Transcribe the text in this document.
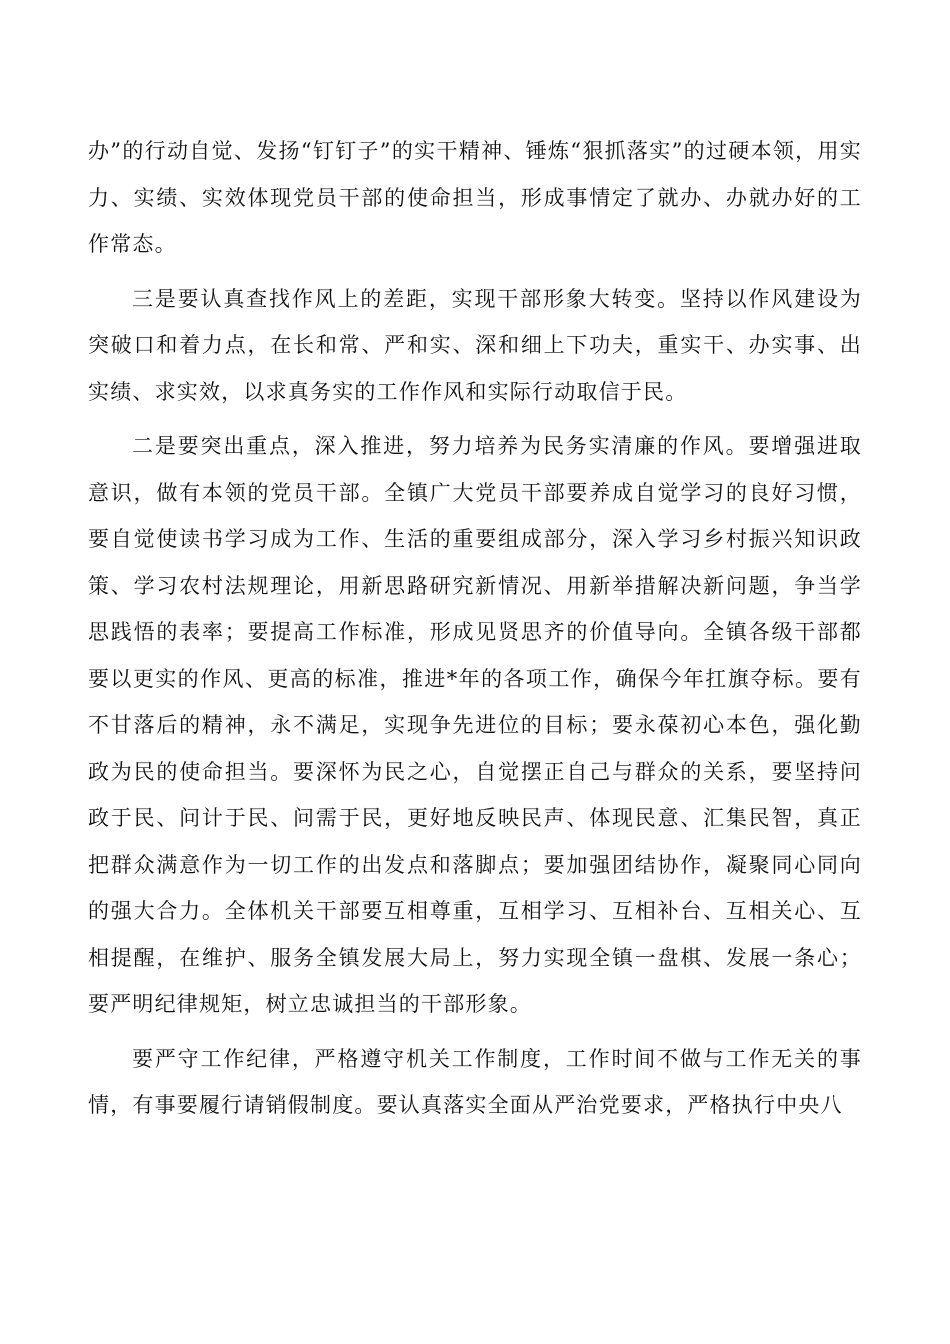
办”的行动自觉、发扬“钉钉子”的实干精神、锤炼“狠抓落实”的过硬本领，用实力、实绩、实效体现党员干部的使命担当，形成事情定了就办、办就办好的工作常态。

三是要认真查找作风上的差距，实现干部形象大转变。坚持以作风建设为突破口和着力点，在长和常、严和实、深和细上下功夫，重实干、办实事、出实绩、求实效，以求真务实的工作作风和实际行动取信于民。

二是要突出重点，深入推进，努力培养为民务实清廉的作风。要增强进取意识，做有本领的党员干部。全镇广大党员干部要养成自觉学习的良好习惯，要自觉使读书学习成为工作、生活的重要组成部分，深入学习乡村振兴知识政策、学习农村法规理论，用新思路研究新情况、用新举措解决新问题，争当学思践悟的表率；要提高工作标准，形成见贤思齐的价值导向。全镇各级干部都要以更实的作风、更高的标准，推进*年的各项工作，确保今年扛旗夺标。要有不甘落后的精神，永不满足，实现争先进位的目标；要永葆初心本色，强化勤政为民的使命担当。要深怀为民之心，自觉摆正自己与群众的关系，要坚持问政于民、问计于民、问需于民，更好地反映民声、体现民意、汇集民智，真正把群众满意作为一切工作的出发点和落脚点；要加强团结协作，凝聚同心同向的强大合力。全体机关干部要互相尊重，互相学习、互相补台、互相关心、互相提醒，在维护、服务全镇发展大局上，努力实现全镇一盘棋、发展一条心；要严明纪律规矩，树立忠诚担当的干部形象。

要严守工作纪律，严格遵守机关工作制度，工作时间不做与工作无关的事情，有事要履行请销假制度。要认真落实全面从严治党要求，严格执行中央八
